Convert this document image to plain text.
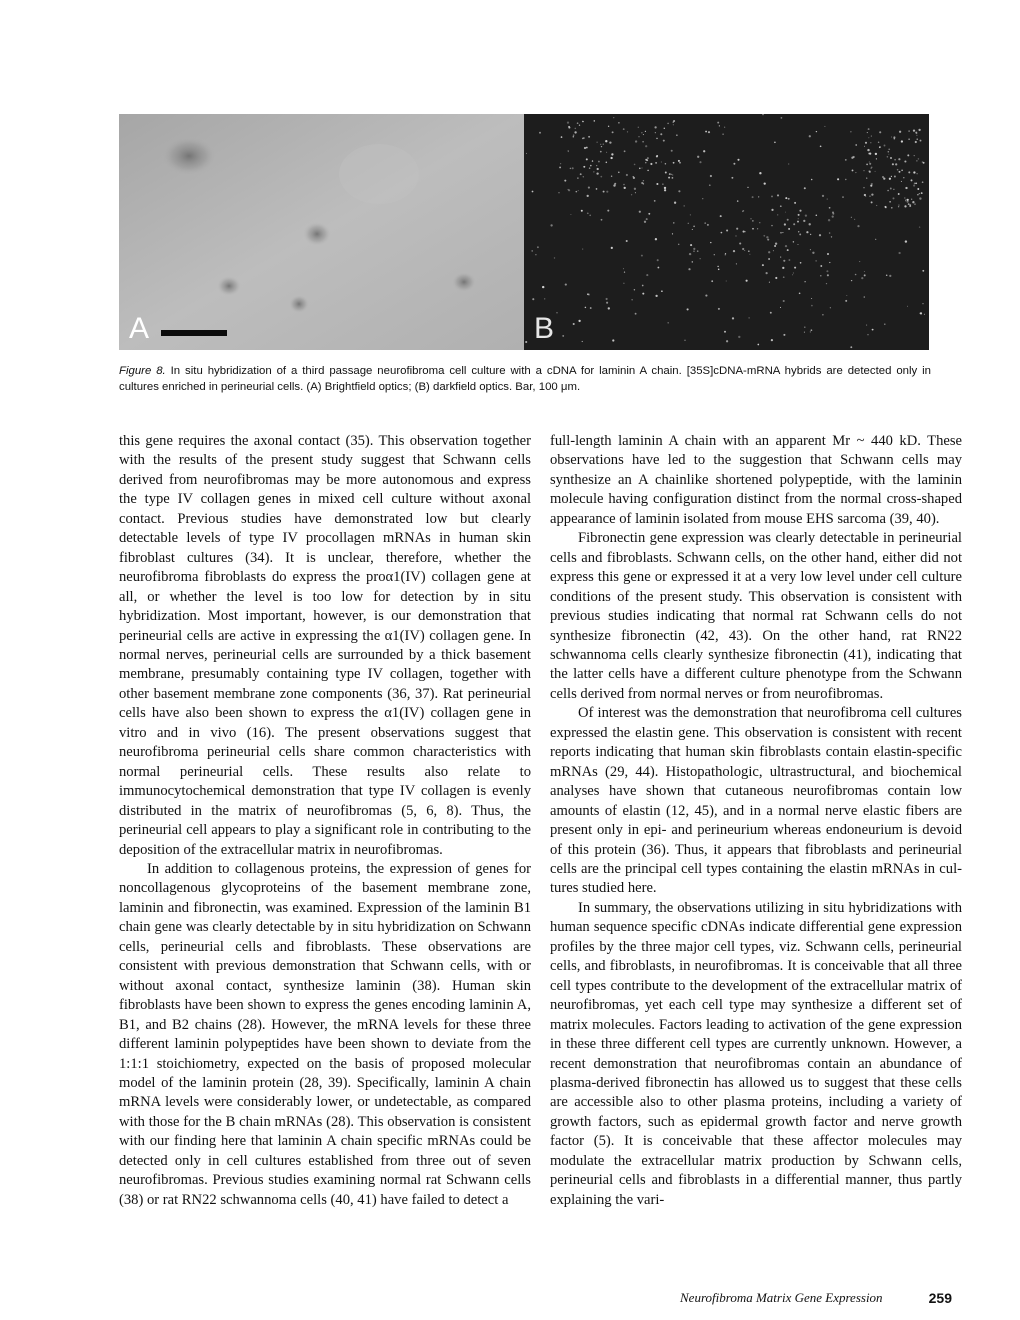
A	B

Figure 8. In situ hybridization of a third passage neurofibroma cell culture with a cDNA for laminin A chain. [35S]cDNA-mRNA hybrids are detected only in cultures enriched in perineurial cells. (A) Brightfield optics; (B) darkfield optics. Bar, 100 μm.

this gene requires the axonal contact (35). This observation together with the results of the present study suggest that Schwann cells derived from neurofibromas may be more autonomous and express the type IV collagen genes in mixed cell culture without axonal contact. Previous studies have demonstrated low but clearly detectable levels of type IV procollagen mRNAs in human skin fibroblast cultures (34). It is unclear, therefore, whether the neurofibroma fibroblasts do express the proα1(IV) collagen gene at all, or whether the level is too low for detection by in situ hybridization. Most important, however, is our demonstration that perineurial cells are active in expressing the α1(IV) collagen gene. In normal nerves, perineurial cells are surrounded by a thick basement membrane, presumably containing type IV collagen, together with other basement membrane zone components (36, 37). Rat perineurial cells have also been shown to express the α1(IV) collagen gene in vitro and in vivo (16). The present observations suggest that neurofibroma perineurial cells share common characteristics with normal perineurial cells. These results also relate to immunocytochemical demonstration that type IV collagen is evenly distributed in the matrix of neurofibromas (5, 6, 8). Thus, the perineurial cell appears to play a significant role in contributing to the deposition of the extracellular matrix in neurofibromas.

In addition to collagenous proteins, the expression of genes for noncollagenous glycoproteins of the basement membrane zone, laminin and fibronectin, was examined. Expression of the laminin B1 chain gene was clearly detectable by in situ hybridization on Schwann cells, perineurial cells and fibroblasts. These observations are consistent with previous demonstration that Schwann cells, with or without axonal contact, synthesize laminin (38). Human skin fibroblasts have been shown to express the genes encoding laminin A, B1, and B2 chains (28). However, the mRNA levels for these three different laminin polypeptides have been shown to deviate from the 1:1:1 stoichiometry, expected on the basis of proposed molecular model of the laminin protein (28, 39). Specifically, laminin A chain mRNA levels were considerably lower, or undetectable, as compared with those for the B chain mRNAs (28). This observation is consistent with our finding here that laminin A chain specific mRNAs could be detected only in cell cultures established from three out of seven neurofibromas. Previous studies examining normal rat Schwann cells (38) or rat RN22 schwannoma cells (40, 41) have failed to detect a

full-length laminin A chain with an apparent Mr ~ 440 kD. These observations have led to the suggestion that Schwann cells may synthesize an A chainlike shortened polypeptide, with the laminin molecule having configuration distinct from the normal cross-shaped appearance of laminin isolated from mouse EHS sarcoma (39, 40).

Fibronectin gene expression was clearly detectable in perineurial cells and fibroblasts. Schwann cells, on the other hand, either did not express this gene or expressed it at a very low level under cell culture conditions of the present study. This observation is consistent with previous studies indicating that normal rat Schwann cells do not synthesize fibronectin (42, 43). On the other hand, rat RN22 schwannoma cells clearly synthesize fibronectin (41), indicating that the latter cells have a different culture phenotype from the Schwann cells derived from normal nerves or from neurofibromas.

Of interest was the demonstration that neurofibroma cell cultures expressed the elastin gene. This observation is consistent with recent reports indicating that human skin fibroblasts contain elastin-specific mRNAs (29, 44). Histopathologic, ultrastructural, and biochemical analyses have shown that cutaneous neurofibromas contain low amounts of elastin (12, 45), and in a normal nerve elastic fibers are present only in epi- and perineurium whereas endoneurium is devoid of this protein (36). Thus, it appears that fibroblasts and perineurial cells are the principal cell types containing the elastin mRNAs in cultures studied here.

In summary, the observations utilizing in situ hybridizations with human sequence specific cDNAs indicate differential gene expression profiles by the three major cell types, viz. Schwann cells, perineurial cells, and fibroblasts, in neurofibromas. It is conceivable that all three cell types contribute to the development of the extracellular matrix of neurofibromas, yet each cell type may synthesize a different set of matrix molecules. Factors leading to activation of the gene expression in these three different cell types are currently unknown. However, a recent demonstration that neurofibromas contain an abundance of plasma-derived fibronectin has allowed us to suggest that these cells are accessible also to other plasma proteins, including a variety of growth factors, such as epidermal growth factor and nerve growth factor (5). It is conceivable that these affector molecules may modulate the extracellular matrix production by Schwann cells, perineurial cells and fibroblasts in a differential manner, thus partly explaining the vari-

Neurofibroma Matrix Gene Expression	259
